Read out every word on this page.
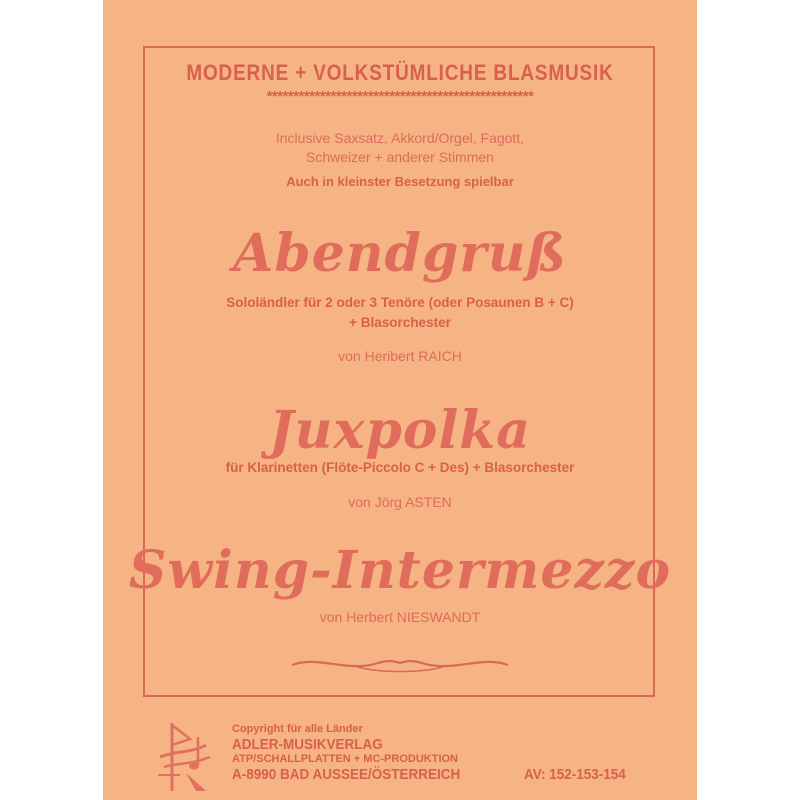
MODERNE + VOLKSTÜMLICHE BLASMUSIK
**************************************************
Inclusive Saxsatz, Akkord/Orgel, Fagott,
Schweizer + anderer Stimmen
Auch in kleinster Besetzung spielbar
Abendgruß
Sololändler für 2 oder 3 Tenöre (oder Posaunen B + C)
+ Blasorchester
von Heribert RAICH
Juxpolka
für Klarinetten (Flöte-Piccolo C + Des) + Blasorchester
von Jörg ASTEN
Swing-Intermezzo
von Herbert NIESWANDT
Copyright für alle Länder
ADLER-MUSIKVERLAG
ATP/SCHALLPLATTEN + MC-PRODUKTION
A-8990 BAD AUSSEE/ÖSTERREICH	AV: 152-153-154
